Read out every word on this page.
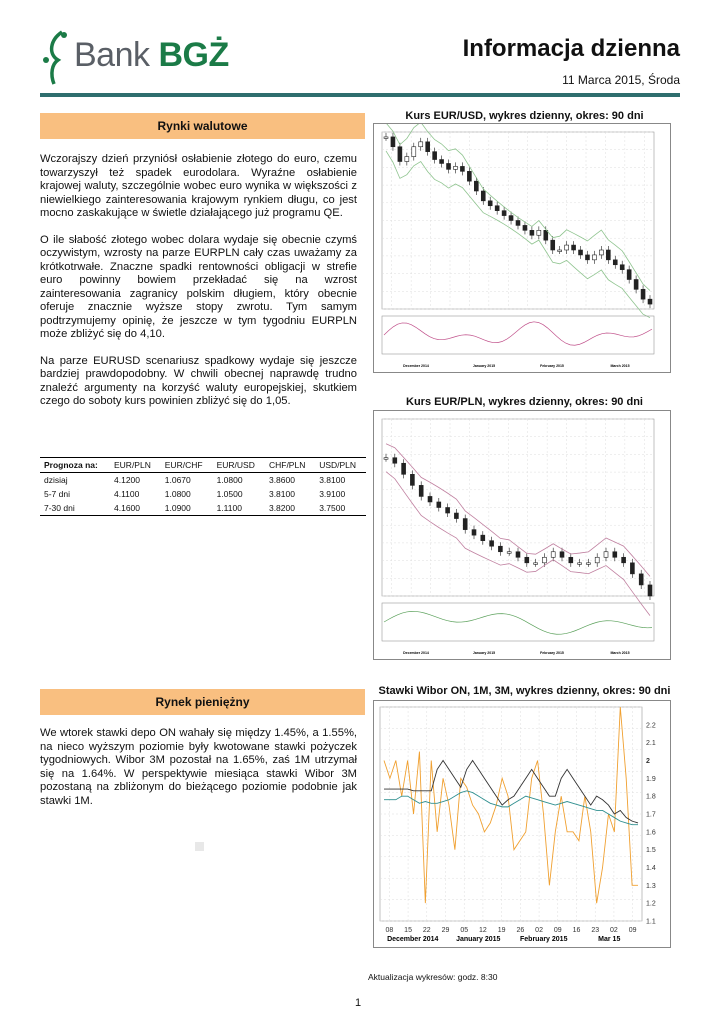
Bank BGŻ	Informacja dzienna
11 Marca 2015, Środa
Rynki walutowe

Wczorajszy dzień przyniósł osłabienie złotego do euro, czemu towarzyszył też spadek eurodolara. Wyraźne osłabienie krajowej waluty, szczególnie wobec euro wynika w większości z niewielkiego zainteresowania krajowym rynkiem długu, co jest mocno zaskakujące w świetle działającego już programu QE.

O ile słabość złotego wobec dolara wydaje się obecnie czymś oczywistym, wzrosty na parze EURPLN cały czas uważamy za krótkotrwałe. Znaczne spadki rentowności obligacji w strefie euro powinny bowiem przekładać się na wzrost zainteresowania zagranicy polskim długiem, który obecnie oferuje znacznie wyższe stopy zwrotu. Tym samym podtrzymujemy opinię, że jeszcze w tym tygodniu EURPLN może zbliżyć się do 4,10.

Na parze EURUSD scenariusz spadkowy wydaje się jeszcze bardziej prawdopodobny. W chwili obecnej naprawdę trudno znaleźć argumenty na korzyść waluty europejskiej, skutkiem czego do soboty kurs powinien zbliżyć się do 1,05.

Prognoza na:	EUR/PLN	EUR/CHF	EUR/USD	CHF/PLN	USD/PLN
dzisiaj	4.1200	1.0670	1.0800	3.8600	3.8100
5-7 dni	4.1100	1.0800	1.0500	3.8100	3.9100
7-30 dni	4.1600	1.0900	1.1100	3.8200	3.7500
Rynek pieniężny

We wtorek stawki depo ON wahały się między 1.45%, a 1.55%, na nieco wyższym poziomie były kwotowane stawki pożyczek tygodniowych. Wibor 3M pozostał na 1.65%, zaś 1M utrzymał się na 1.64%. W perspektywie miesiąca stawki Wibor 3M pozostaną na zbliżonym do bieżącego poziomie podobnie jak stawki 1M.

Kurs EUR/USD, wykres dzienny, okres: 90 dni
December 2014	January 2015	February 2015	March 2015
Kurs EUR/PLN, wykres dzienny, okres: 90 dni
December 2014	January 2015	February 2015	March 2015
Stawki Wibor ON, 1M, 3M, wykres dzienny, okres: 90 dni
December 2014	January 2015	February 2015	Mar 15
08 15 22 29 05 12 19 26 02 09 16 23 02 09
2.2
2.1
2
1.9
1.8
1.7
1.6
1.5
1.4
1.3
1.2
1.1
Aktualizacja wykresów: godz. 8:30
1
